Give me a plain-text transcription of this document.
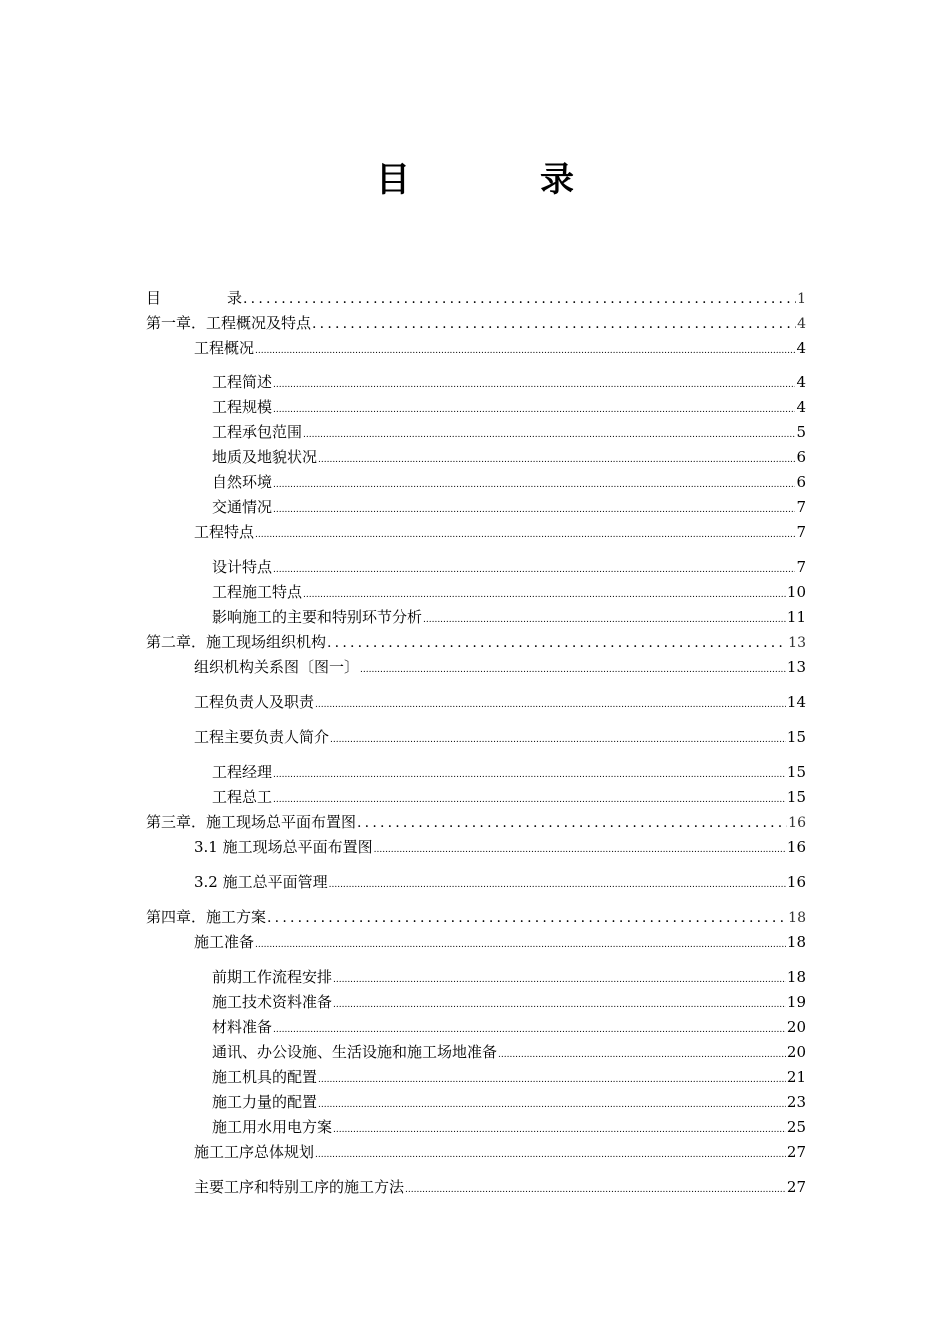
目	录
目	录 .....	1
第一章．工程概况及特点 .....	4
工程概况 .....	4
工程简述 .....	4
工程规模 .....	4
工程承包范围 .....	5
地质及地貌状况 .....	6
自然环境 .....	6
交通情况 .....	7
工程特点 .....	7
设计特点 .....	7
工程施工特点 .....	10
影响施工的主要和特别环节分析 .....	11
第二章．施工现场组织机构 .....	13
组织机构关系图〔图一〕 .....	13
工程负责人及职责 .....	14
工程主要负责人简介 .....	15
工程经理 .....	15
工程总工 .....	15
第三章．施工现场总平面布置图 .....	16
3.1 施工现场总平面布置图 .....	16
3.2 施工总平面管理 .....	16
第四章．施工方案 .....	18
施工准备 .....	18
前期工作流程安排 .....	18
施工技术资料准备 .....	19
材料准备 .....	20
通讯、办公设施、生活设施和施工场地准备 .....	20
施工机具的配置 .....	21
施工力量的配置 .....	23
施工用水用电方案 .....	25
施工工序总体规划 .....	27
主要工序和特别工序的施工方法 .....	27
